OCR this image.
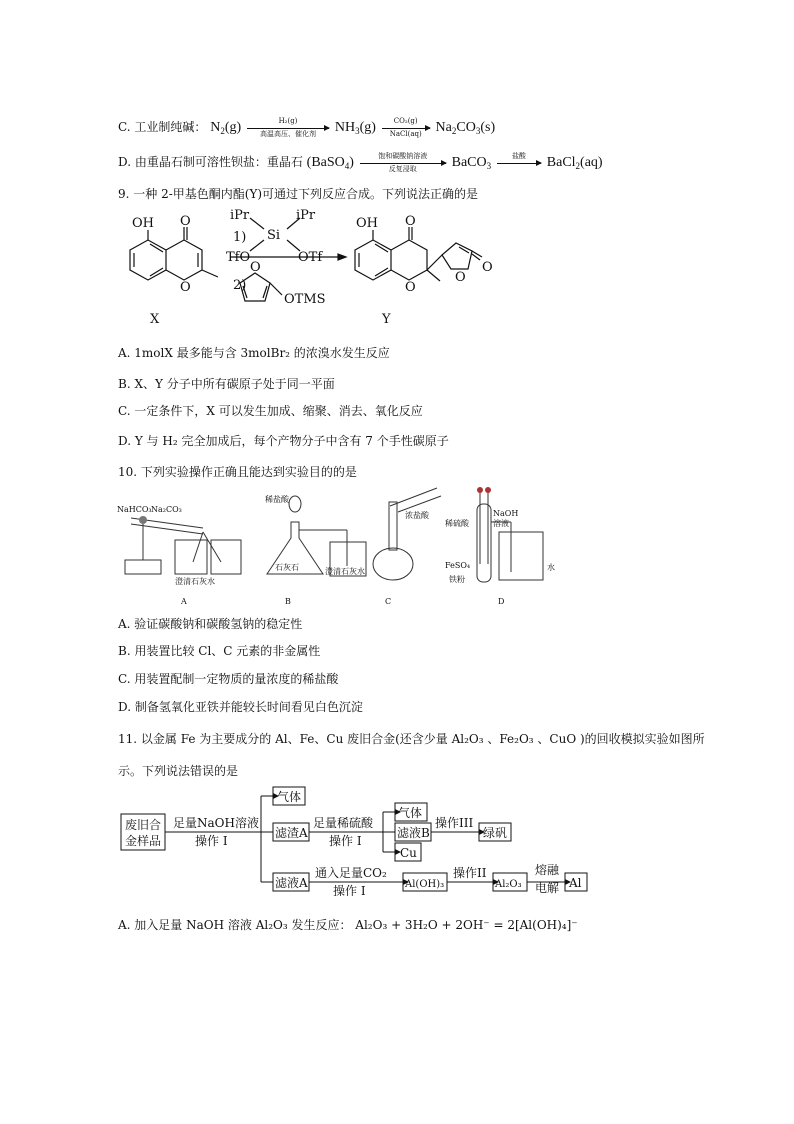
C. 工业制纯碱： $N_2(g)$	H₂(g)
高温高压、催化剂	$NH_3(g)$	CO₂(g)
NaCl(aq) $Na_2CO_3(s)$
D. 由重晶石制可溶性钡盐：重晶石 (BaSO$_4$)	饱和碳酸钠溶液
反复浸取	BaCO$_3$
盐酸	BaCl$_2$(aq)
9. 一种 2-甲基色酮内酯(Y)可通过下列反应合成。下列说法正确的是
OH O
O
1)
2)
iPr	iPr
Si
TfO	OTf
O
OTMS
OH O
O
O
O
X	Y
A. 1molX 最多能与含 3molBr₂ 的浓溴水发生反应
B. X、Y 分子中所有碳原子处于同一平面
C. 一定条件下，X 可以发生加成、缩聚、消去、氧化反应
D. Y 与 H₂ 完全加成后，每个产物分子中含有 7 个手性碳原子
10. 下列实验操作正确且能达到实验目的的是
NaHCO₃ Na₂CO₃
澄清石灰水
A
稀盐酸
石灰石	澄清石灰水
B
浓盐酸
C
NaOH
溶液
稀硫酸
FeSO₄
铁粉
水
D
A. 验证碳酸钠和碳酸氢钠的稳定性
B. 用装置比较 Cl、C 元素的非金属性
C. 用装置配制一定物质的量浓度的稀盐酸
D. 制备氢氧化亚铁并能较长时间看见白色沉淀
11. 以金属 Fe 为主要成分的 Al、Fe、Cu 废旧合金(还含少量 Al₂O₃ 、Fe₂O₃ 、CuO )的回收模拟实验如图所
示。下列说法错误的是
废旧合
金样品
足量NaOH溶液
操作 I
气体
滤渣A
滤液A
足量稀硫酸
操作 I
气体
滤液B
Cu
操作III
绿矾
通入足量CO₂
操作 I	Al(OH)₃
操作II
Al₂O₃
熔融
电解 Al
A. 加入足量 NaOH 溶液 Al₂O₃ 发生反应： Al₂O₃ + 3H₂O + 2OH⁻ = 2[Al(OH)₄]⁻
